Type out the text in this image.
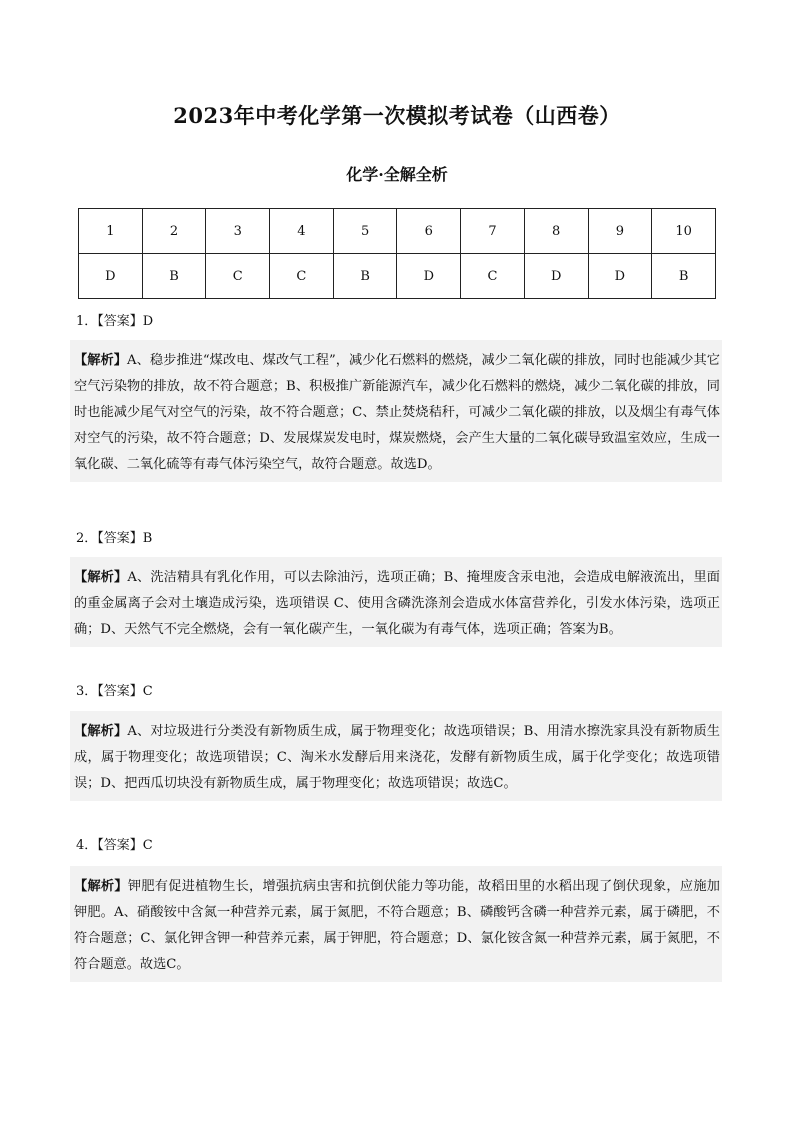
2023年中考化学第一次模拟考试卷（山西卷）
化学·全解全析
1	2	3	4	5	6	7	8	9	10
D	B	C	C	B	D	C	D	D	B
1．【答案】D
【解析】A、稳步推进“煤改电、煤改气工程”，减少化石燃料的燃烧，减少二氧化碳的排放，同时也能减少其它空气污染物的排放，故不符合题意；B、积极推广新能源汽车，减少化石燃料的燃烧，减少二氧化碳的排放，同时也能减少尾气对空气的污染，故不符合题意；C、禁止焚烧秸秆，可减少二氧化碳的排放，以及烟尘有毒气体对空气的污染，故不符合题意；D、发展煤炭发电时，煤炭燃烧，会产生大量的二氧化碳导致温室效应，生成一氧化碳、二氧化硫等有毒气体污染空气，故符合题意。故选D。
2．【答案】B
【解析】A、洗洁精具有乳化作用，可以去除油污，选项正确；B、掩埋废含汞电池，会造成电解液流出，里面的重金属离子会对土壤造成污染，选项错误 C、使用含磷洗涤剂会造成水体富营养化，引发水体污染，选项正确；D、天然气不完全燃烧，会有一氧化碳产生，一氧化碳为有毒气体，选项正确；答案为B。
3．【答案】C
【解析】A、对垃圾进行分类没有新物质生成，属于物理变化；故选项错误；B、用清水擦洗家具没有新物质生成，属于物理变化；故选项错误；C、淘米水发酵后用来浇花，发酵有新物质生成，属于化学变化；故选项错误；D、把西瓜切块没有新物质生成，属于物理变化；故选项错误；故选C。
4．【答案】C
【解析】钾肥有促进植物生长，增强抗病虫害和抗倒伏能力等功能，故稻田里的水稻出现了倒伏现象，应施加钾肥。A、硝酸铵中含氮一种营养元素，属于氮肥，不符合题意；B、磷酸钙含磷一种营养元素，属于磷肥，不符合题意；C、氯化钾含钾一种营养元素，属于钾肥，符合题意；D、氯化铵含氮一种营养元素，属于氮肥，不符合题意。故选C。
